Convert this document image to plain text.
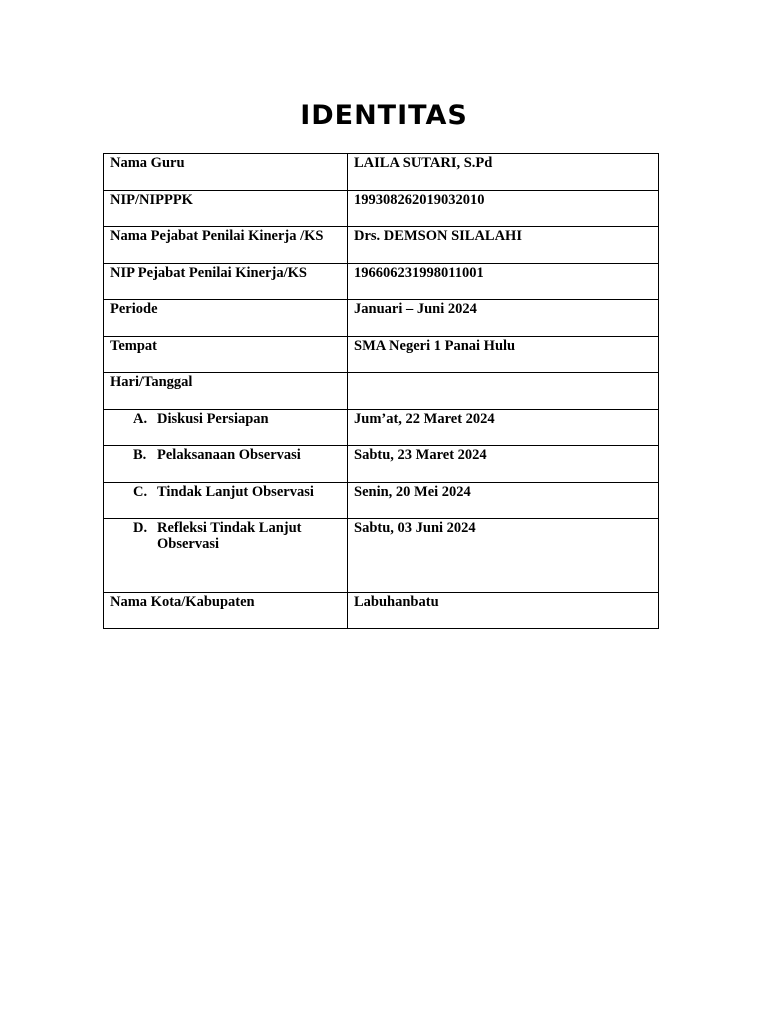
IDENTITAS
Nama Guru	LAILA SUTARI, S.Pd
NIP/NIPPPK	199308262019032010
Nama Pejabat Penilai Kinerja /KS	Drs. DEMSON SILALAHI
NIP Pejabat Penilai Kinerja/KS	196606231998011001
Periode	Januari – Juni 2024
Tempat	SMA Negeri 1 Panai Hulu
Hari/Tanggal	

A. Diskusi Persiapan	Jum’at, 22 Maret 2024

B. Pelaksanaan Observasi	Sabtu, 23 Maret 2024

C. Tindak Lanjut Observasi	Senin, 20 Mei 2024

D. Refleksi Tindak Lanjut Observasi	Sabtu, 03 Juni 2024
Nama Kota/Kabupaten	Labuhanbatu
